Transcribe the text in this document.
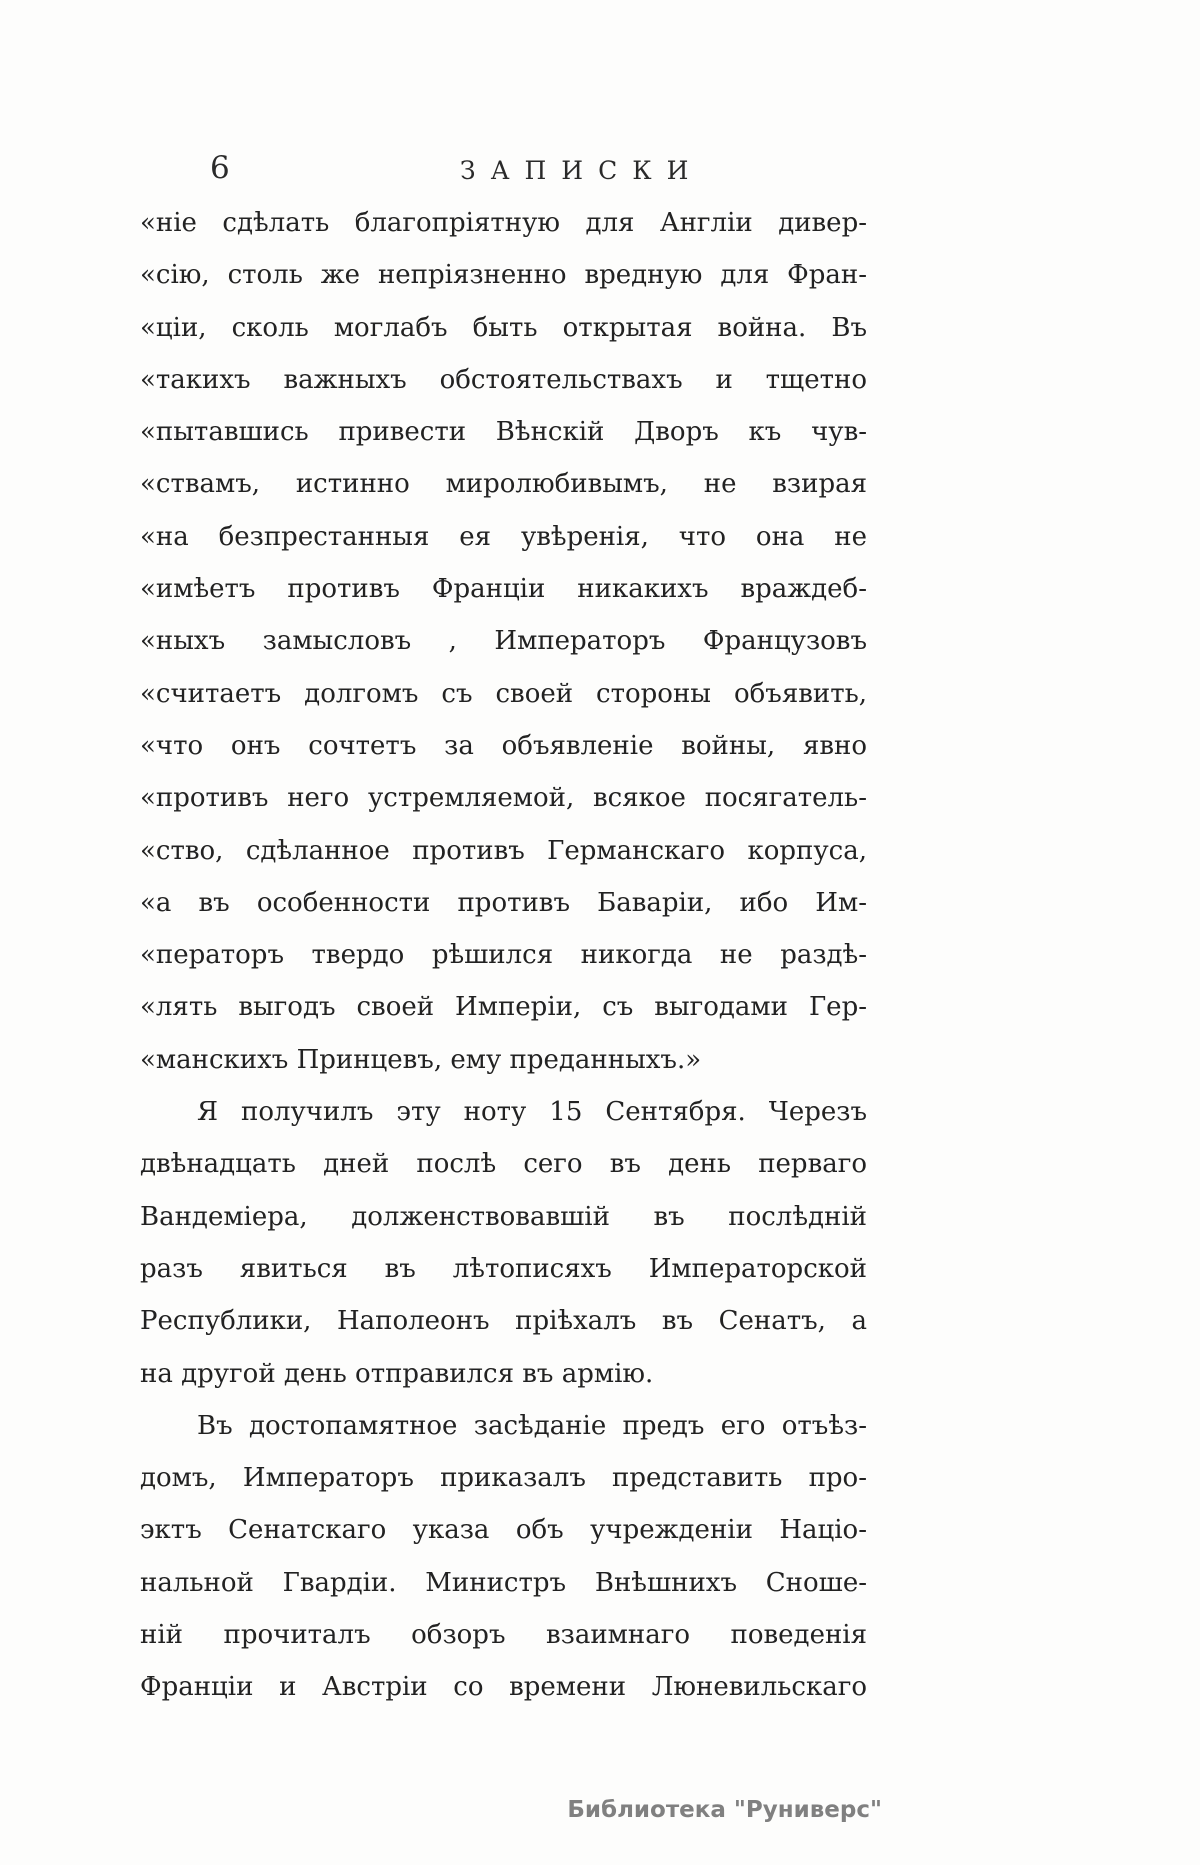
6	ЗАПИСКИ
«ніе сдѣлать благопріятную для Англіи дивер-
«сію, столь же непріязненно вредную для Фран-
«ціи, сколь моглабъ быть открытая война. Въ
«такихъ важныхъ обстоятельствахъ и тщетно
«пытавшись привести Вѣнскій Дворъ къ чув-
«ствамъ, истинно миролюбивымъ, не взирая
«на безпрестанныя ея увѣренія, что она не
«имѣетъ противъ Франціи никакихъ враждеб-
«ныхъ замысловъ , Императоръ Французовъ
«считаетъ долгомъ съ своей стороны объявить,
«что онъ сочтетъ за объявленіе войны, явно
«противъ него устремляемой, всякое посягатель-
«ство, сдѣланное противъ Германскаго корпуса,
«а въ особенности противъ Баваріи, ибо Им-
«ператоръ твердо рѣшился никогда не раздѣ-
«лять выгодъ своей Имперіи, съ выгодами Гер-
«манскихъ Принцевъ, ему преданныхъ.»
Я получилъ эту ноту 15 Сентября. Черезъ
двѣнадцать дней послѣ сего въ день перваго
Вандеміера, долженствовавшій въ послѣдній
разъ явиться въ лѣтописяхъ Императорской
Республики, Наполеонъ пріѣхалъ въ Сенатъ, а
на другой день отправился въ армію.
Въ достопамятное засѣданіе предъ его отъѣз-
домъ, Императоръ приказалъ представить про-
эктъ Сенатскаго указа объ учрежденіи Націо-
нальной Гвардіи. Министръ Внѣшнихъ Сноше-
ній прочиталъ обзоръ взаимнаго поведенія
Франціи и Австріи со времени Люневильскаго
Библиотека "Руниверс"
